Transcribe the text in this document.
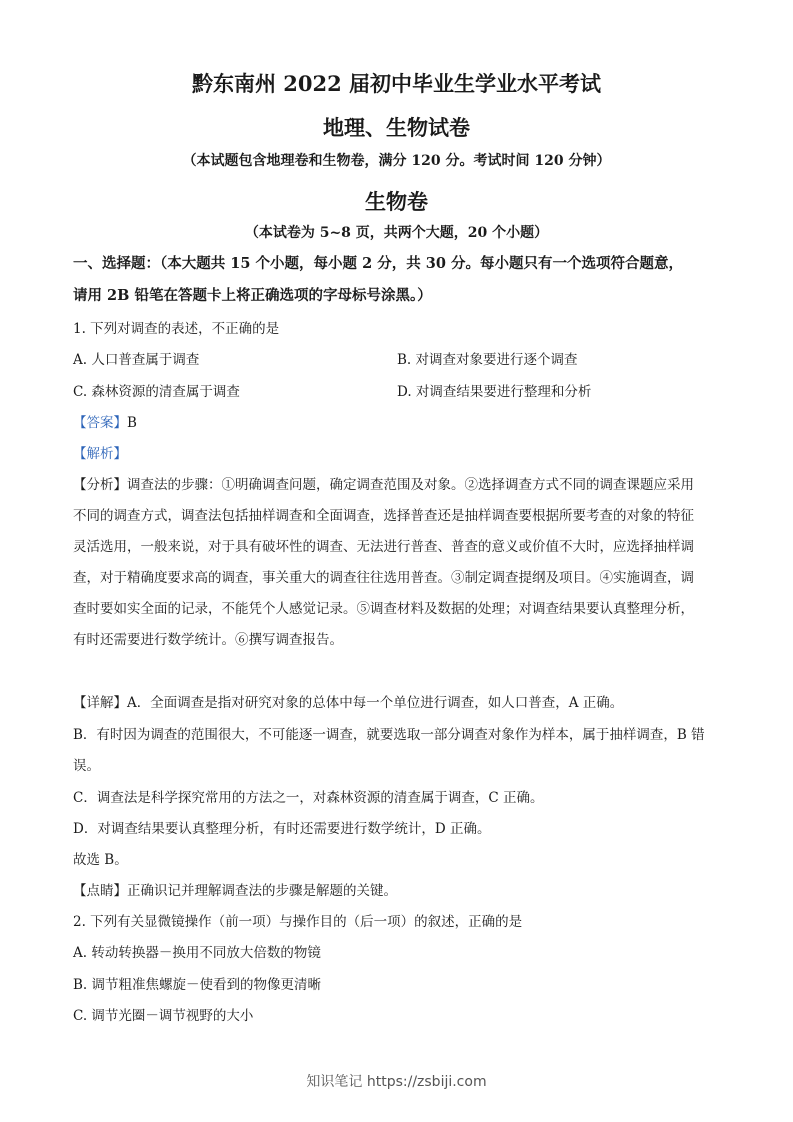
黔东南州 2022 届初中毕业生学业水平考试
地理、生物试卷
（本试题包含地理卷和生物卷，满分 120 分。考试时间 120 分钟）
生物卷
（本试卷为 5~8 页，共两个大题，20 个小题）
一、选择题：（本大题共 15 个小题，每小题 2 分，共 30 分。每小题只有一个选项符合题意，
请用 2B 铅笔在答题卡上将正确选项的字母标号涂黑。）
1. 下列对调查的表述，不正确的是
A. 人口普查属于调查	B. 对调查对象要进行逐个调查
C. 森林资源的清查属于调查	D. 对调查结果要进行整理和分析
【答案】B
【解析】
【分析】调查法的步骤：①明确调查问题，确定调查范围及对象。②选择调查方式不同的调查课题应采用
不同的调查方式，调查法包括抽样调查和全面调查，选择普查还是抽样调查要根据所要考查的对象的特征
灵活选用，一般来说，对于具有破坏性的调查、无法进行普查、普查的意义或价值不大时，应选择抽样调
查，对于精确度要求高的调查，事关重大的调查往往选用普查。③制定调查提纲及项目。④实施调查，调
查时要如实全面的记录，不能凭个人感觉记录。⑤调查材料及数据的处理；对调查结果要认真整理分析，
有时还需要进行数学统计。⑥撰写调查报告。
【详解】A．全面调查是指对研究对象的总体中每一个单位进行调查，如人口普查，A 正确。
B．有时因为调查的范围很大，不可能逐一调查，就要选取一部分调查对象作为样本，属于抽样调查，B 错
误。
C．调查法是科学探究常用的方法之一，对森林资源的清查属于调查，C 正确。
D．对调查结果要认真整理分析，有时还需要进行数学统计，D 正确。
故选 B。
【点睛】正确识记并理解调查法的步骤是解题的关键。
2. 下列有关显微镜操作（前一项）与操作目的（后一项）的叙述，正确的是
A. 转动转换器－换用不同放大倍数的物镜
B. 调节粗准焦螺旋－使看到的物像更清晰
C. 调节光圈－调节视野的大小
知识笔记 https://zsbiji.com
